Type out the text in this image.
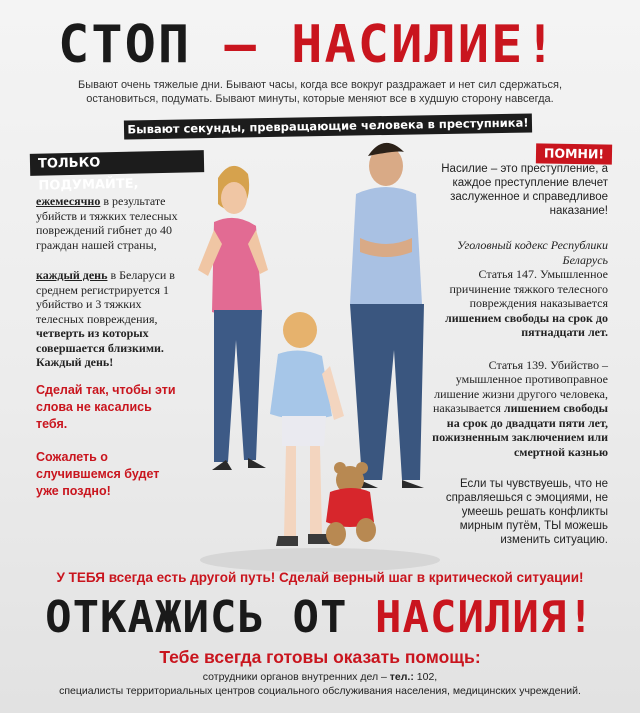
СТОП – НАСИЛИЕ!
Бывают очень тяжелые дни. Бывают часы, когда все вокруг раздражает и нет сил сдержаться,
остановиться, подумать. Бывают минуты, которые меняют все в худшую сторону навсегда.
Бывают секунды, превращающие человека в преступника!
ТОЛЬКО ПОДУМАЙТЕ,
ПОМНИ!

ежемесячно в результате убийств и тяжких телесных повреждений гибнет до 40 граждан нашей страны,

каждый день в Беларуси в среднем регистрируется 1 убийство и 3 тяжких телесных повреждения, четверть из которых совершается близкими. Каждый день!

Сделай так, чтобы эти слова не касались тебя.

Сожалеть о случившемся будет уже поздно!

Насилие – это преступление, а каждое преступление влечет заслуженное и справедливое наказание!

Уголовный кодекс Республики Беларусь

Статья 147. Умышленное причинение тяжкого телесного повреждения наказывается лишением свободы на срок до пятнадцати лет.

Статья 139. Убийство – умышленное противоправное лишение жизни другого человека, наказывается лишением свободы на срок до двадцати пяти лет, пожизненным заключением или смертной казнью

Если ты чувствуешь, что не справляешься с эмоциями, не умеешь решать конфликты мирным путём, ТЫ можешь изменить ситуацию.

У ТЕБЯ всегда есть другой путь! Сделай верный шаг в критической ситуации!
ОТКАЖИСЬ ОТ НАСИЛИЯ!
Тебе всегда готовы оказать помощь:
сотрудники органов внутренних дел – тел.: 102,
специалисты территориальных центров социального обслуживания населения, медицинских учреждений.
